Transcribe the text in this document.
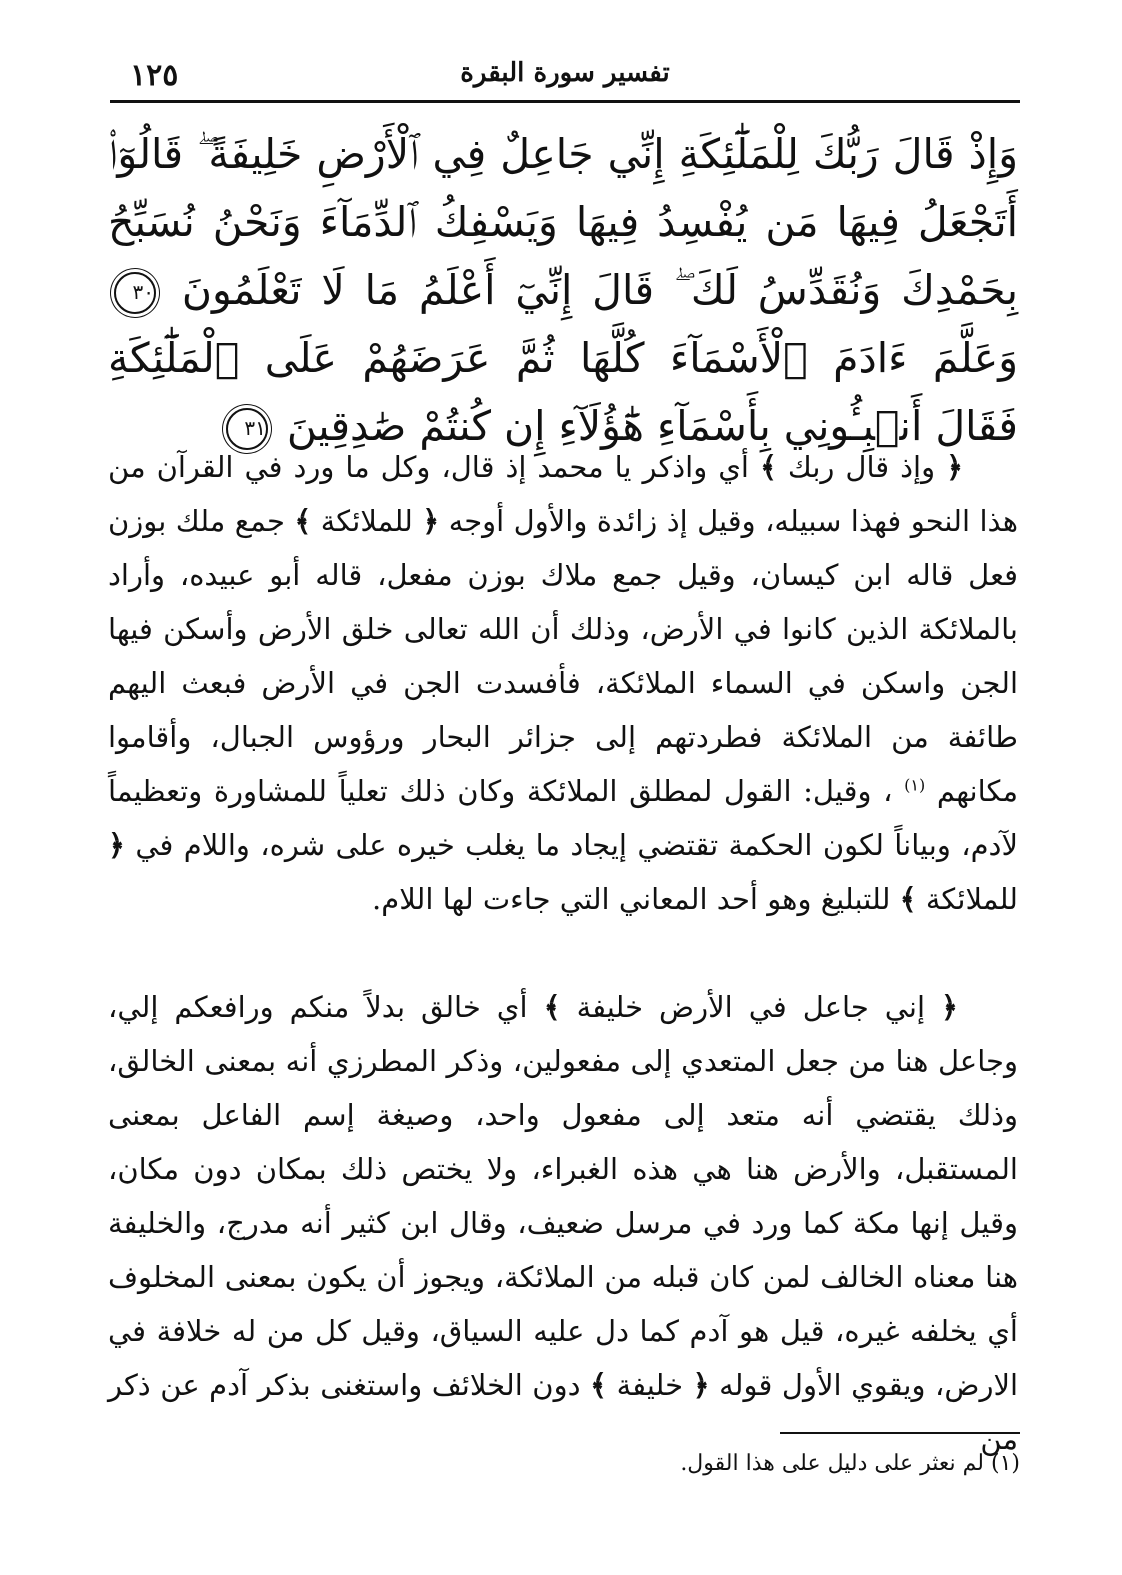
١٢٥	تفسير سورة البقرة
وَإِذْ قَالَ رَبُّكَ لِلْمَلَٰٓئِكَةِ إِنِّي جَاعِلٌ فِي ٱلْأَرْضِ خَلِيفَةً ۖ قَالُوٓا۟ أَتَجْعَلُ فِيهَا مَن يُفْسِدُ فِيهَا وَيَسْفِكُ ٱلدِّمَآءَ وَنَحْنُ نُسَبِّحُ بِحَمْدِكَ وَنُقَدِّسُ لَكَ ۖ قَالَ إِنِّيٓ أَعْلَمُ مَا لَا تَعْلَمُونَ ٣٠ وَعَلَّمَ ءَادَمَ ٱلْأَسْمَآءَ كُلَّهَا ثُمَّ عَرَضَهُمْ عَلَى ٱلْمَلَٰٓئِكَةِ فَقَالَ أَنۢبِـُٔونِي بِأَسْمَآءِ هَٰٓؤُلَآءِ إِن كُنتُمْ صَٰدِقِينَ ٣١
﴿ وإذ قال ربك ﴾ أي واذكر يا محمد إذ قال، وكل ما ورد في القرآن من هذا النحو فهذا سبيله، وقيل إذ زائدة والأول أوجه ﴿ للملائكة ﴾ جمع ملك بوزن فعل قاله ابن كيسان، وقيل جمع ملاك بوزن مفعل، قاله أبو عبيده، وأراد بالملائكة الذين كانوا في الأرض، وذلك أن الله تعالى خلق الأرض وأسكن فيها الجن واسكن في السماء الملائكة، فأفسدت الجن في الأرض فبعث اليهم طائفة من الملائكة فطردتهم إلى جزائر البحار ورؤوس الجبال، وأقاموا مكانهم $^{(١)}$ ، وقيل: القول لمطلق الملائكة وكان ذلك تعلياً للمشاورة وتعظيماً لآدم، وبياناً لكون الحكمة تقتضي إيجاد ما يغلب خيره على شره، واللام في ﴿ للملائكة ﴾ للتبليغ وهو أحد المعاني التي جاءت لها اللام.
﴿ إني جاعل في الأرض خليفة ﴾ أي خالق بدلاً منكم ورافعكم إلي، وجاعل هنا من جعل المتعدي إلى مفعولين، وذكر المطرزي أنه بمعنى الخالق، وذلك يقتضي أنه متعد إلى مفعول واحد، وصيغة إسم الفاعل بمعنى المستقبل، والأرض هنا هي هذه الغبراء، ولا يختص ذلك بمكان دون مكان، وقيل إنها مكة كما ورد في مرسل ضعيف، وقال ابن كثير أنه مدرج، والخليفة هنا معناه الخالف لمن كان قبله من الملائكة، ويجوز أن يكون بمعنى المخلوف أي يخلفه غيره، قيل هو آدم كما دل عليه السياق، وقيل كل من له خلافة في الارض، ويقوي الأول قوله ﴿ خليفة ﴾ دون الخلائف واستغنى بذكر آدم عن ذكر من
(١) لم نعثر على دليل على هذا القول.
